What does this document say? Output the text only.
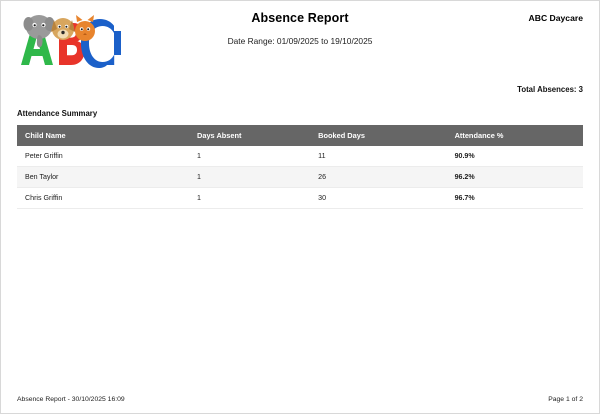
Absence Report
Date Range: 01/09/2025 to 19/10/2025
ABC Daycare
Total Absences: 3
Attendance Summary
Child Name	Days Absent	Booked Days	Attendance %
Peter Griffin	1	11	90.9%
Ben Taylor	1	26	96.2%
Chris Griffin	1	30	96.7%
Absence Report - 30/10/2025 16:09	Page 1 of 2
